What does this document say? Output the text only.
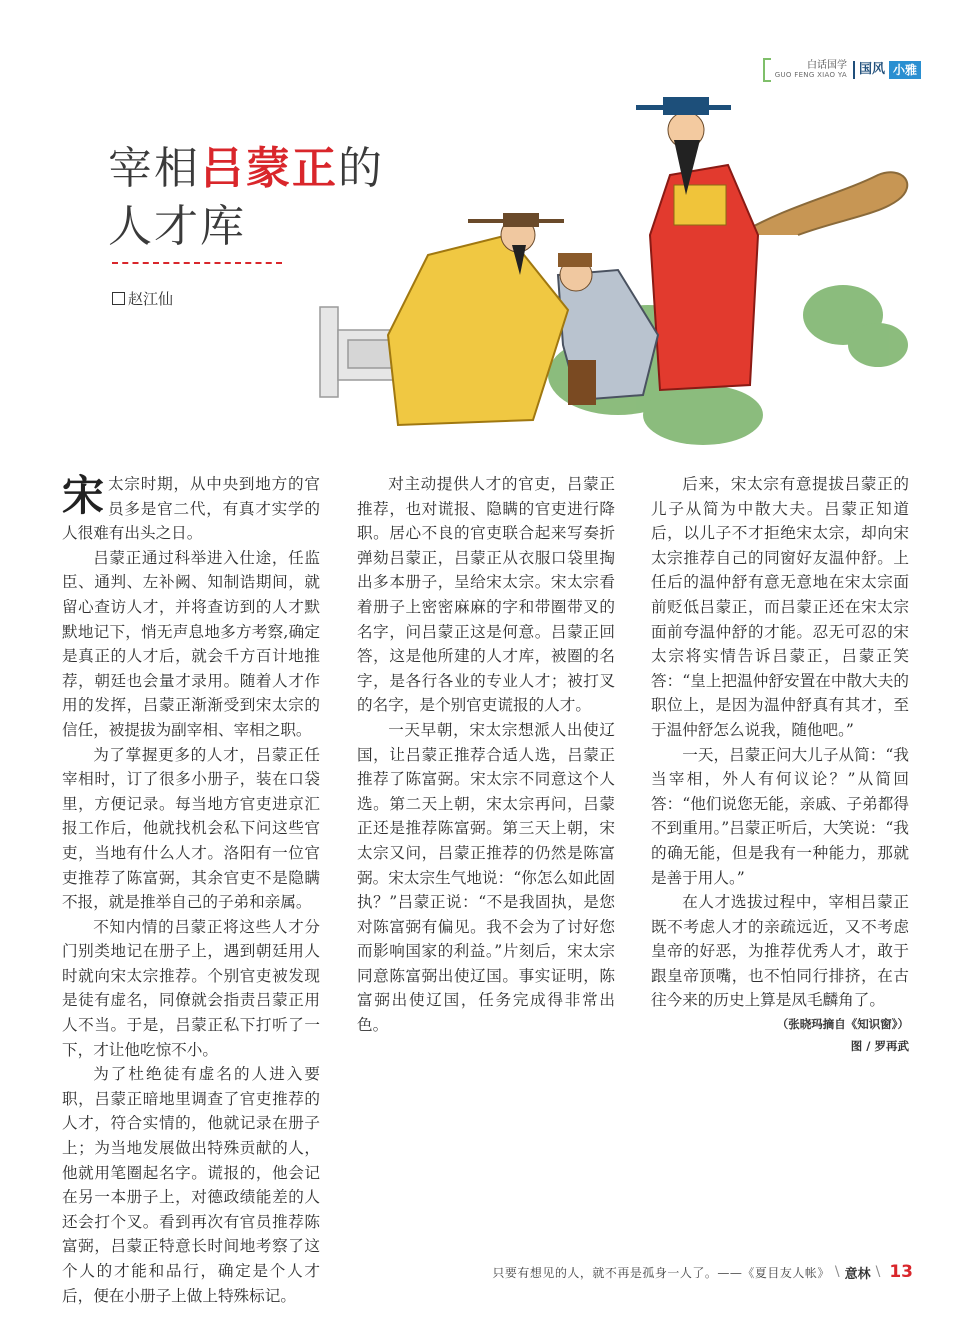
白话国学
GUO FENG XIAO YA 国风 小雅
宰相吕蒙正的
人才库
赵江仙

宋太宗时期，从中央到地方的官员多是官二代，有真才实学的人很难有出头之日。

吕蒙正通过科举进入仕途，任监臣、通判、左补阙、知制诰期间，就留心查访人才，并将查访到的人才默默地记下，悄无声息地多方考察,确定是真正的人才后，就会千方百计地推荐，朝廷也会量才录用。随着人才作用的发挥，吕蒙正渐渐受到宋太宗的信任，被提拔为副宰相、宰相之职。

为了掌握更多的人才，吕蒙正任宰相时，订了很多小册子，装在口袋里，方便记录。每当地方官吏进京汇报工作后，他就找机会私下问这些官吏，当地有什么人才。洛阳有一位官吏推荐了陈富弼，其余官吏不是隐瞒不报，就是推举自己的子弟和亲属。

不知内情的吕蒙正将这些人才分门别类地记在册子上，遇到朝廷用人时就向宋太宗推荐。个别官吏被发现是徒有虚名，同僚就会指责吕蒙正用人不当。于是，吕蒙正私下打听了一下，才让他吃惊不小。

为了杜绝徒有虚名的人进入要职，吕蒙正暗地里调查了官吏推荐的人才，符合实情的，他就记录在册子上；为当地发展做出特殊贡献的人，他就用笔圈起名字。谎报的，他会记在另一本册子上，对德政绩能差的人还会打个叉。看到再次有官员推荐陈富弼，吕蒙正特意长时间地考察了这个人的才能和品行，确定是个人才后，便在小册子上做上特殊标记。

对主动提供人才的官吏，吕蒙正推荐，也对谎报、隐瞒的官吏进行降职。居心不良的官吏联合起来写奏折弹劾吕蒙正，吕蒙正从衣服口袋里掏出多本册子，呈给宋太宗。宋太宗看着册子上密密麻麻的字和带圈带叉的名字，问吕蒙正这是何意。吕蒙正回答，这是他所建的人才库，被圈的名字，是各行各业的专业人才；被打叉的名字，是个别官吏谎报的人才。

一天早朝，宋太宗想派人出使辽国，让吕蒙正推荐合适人选，吕蒙正推荐了陈富弼。宋太宗不同意这个人选。第二天上朝，宋太宗再问，吕蒙正还是推荐陈富弼。第三天上朝，宋太宗又问，吕蒙正推荐的仍然是陈富弼。宋太宗生气地说：“你怎么如此固执？”吕蒙正说：“不是我固执，是您对陈富弼有偏见。我不会为了讨好您而影响国家的利益。”片刻后，宋太宗同意陈富弼出使辽国。事实证明，陈富弼出使辽国，任务完成得非常出色。

后来，宋太宗有意提拔吕蒙正的儿子从简为中散大夫。吕蒙正知道后，以儿子不才拒绝宋太宗，却向宋太宗推荐自己的同窗好友温仲舒。上任后的温仲舒有意无意地在宋太宗面前贬低吕蒙正，而吕蒙正还在宋太宗面前夸温仲舒的才能。忍无可忍的宋太宗将实情告诉吕蒙正，吕蒙正笑答：“皇上把温仲舒安置在中散大夫的职位上，是因为温仲舒真有其才，至于温仲舒怎么说我，随他吧。”

一天，吕蒙正问大儿子从简：“我当宰相，外人有何议论？”从简回答：“他们说您无能，亲戚、子弟都得不到重用。”吕蒙正听后，大笑说：“我的确无能，但是我有一种能力，那就是善于用人。”

在人才选拔过程中，宰相吕蒙正既不考虑人才的亲疏远近，又不考虑皇帝的好恶，为推荐优秀人才，敢于跟皇帝顶嘴，也不怕同行排挤，在古往今来的历史上算是凤毛麟角了。

（张晓玛摘自《知识窗》）
图 / 罗再武
只要有想见的人，就不再是孤身一人了。——《夏目友人帐》 \ 意林 \ 13
